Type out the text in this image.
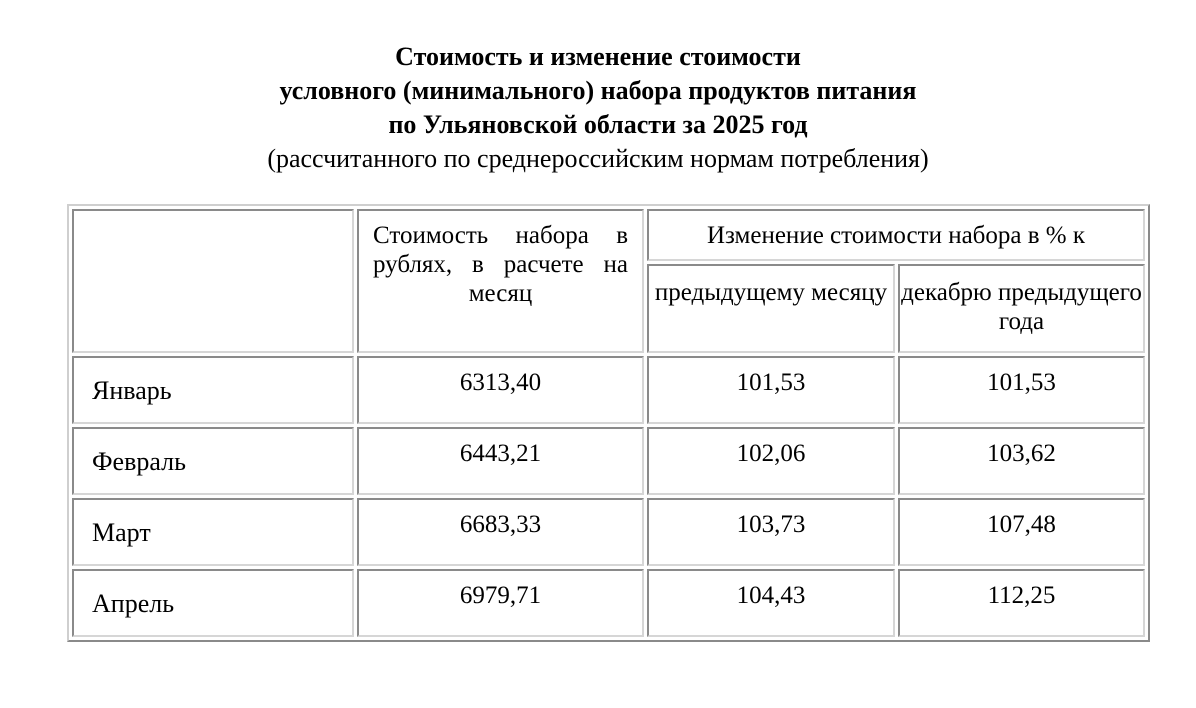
Стоимость и изменение стоимости
условного (минимального) набора продуктов питания
по Ульяновской области за 2025 год
(рассчитанного по среднероссийским нормам потребления)
	Стоимость набора в рублях, в расчете на месяц	Изменение стоимости набора в % к	
		предыдущему месяцу	декабрю предыдущего года
Январь	6313,40	101,53	101,53
Февраль	6443,21	102,06	103,62
Март	6683,33	103,73	107,48
Апрель	6979,71	104,43	112,25
